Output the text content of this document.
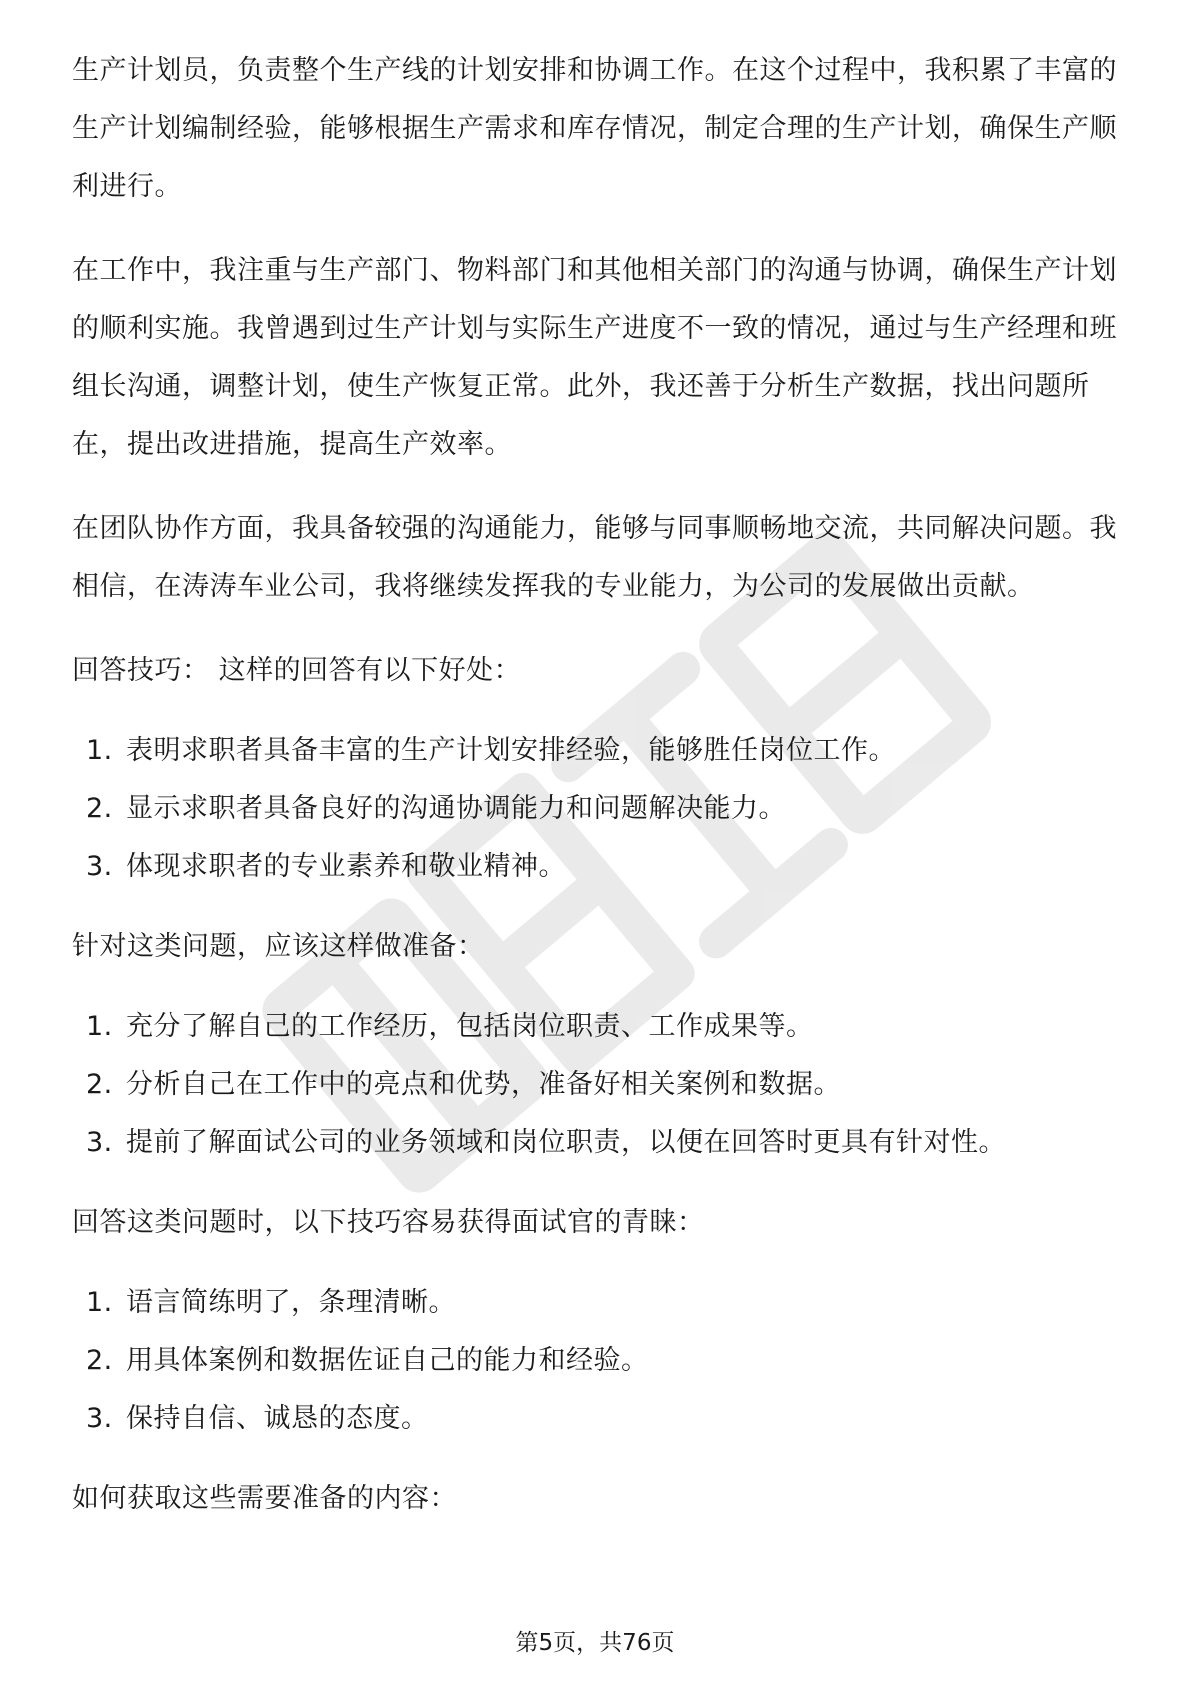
生产计划员，负责整个生产线的计划安排和协调工作。在这个过程中，我积累了丰富的生产计划编制经验，能够根据生产需求和库存情况，制定合理的生产计划，确保生产顺利进行。

在工作中，我注重与生产部门、物料部门和其他相关部门的沟通与协调，确保生产计划的顺利实施。我曾遇到过生产计划与实际生产进度不一致的情况，通过与生产经理和班组长沟通，调整计划，使生产恢复正常。此外，我还善于分析生产数据，找出问题所在，提出改进措施，提高生产效率。

在团队协作方面，我具备较强的沟通能力，能够与同事顺畅地交流，共同解决问题。我相信，在涛涛车业公司，我将继续发挥我的专业能力，为公司的发展做出贡献。

回答技巧： 这样的回答有以下好处：

1. 表明求职者具备丰富的生产计划安排经验，能够胜任岗位工作。
2. 显示求职者具备良好的沟通协调能力和问题解决能力。
3. 体现求职者的专业素养和敬业精神。

针对这类问题，应该这样做准备：

1. 充分了解自己的工作经历，包括岗位职责、工作成果等。
2. 分析自己在工作中的亮点和优势，准备好相关案例和数据。
3. 提前了解面试公司的业务领域和岗位职责，以便在回答时更具有针对性。

回答这类问题时，以下技巧容易获得面试官的青睐：

1. 语言简练明了，条理清晰。
2. 用具体案例和数据佐证自己的能力和经验。
3. 保持自信、诚恳的态度。

如何获取这些需要准备的内容：

第5页，共76页
